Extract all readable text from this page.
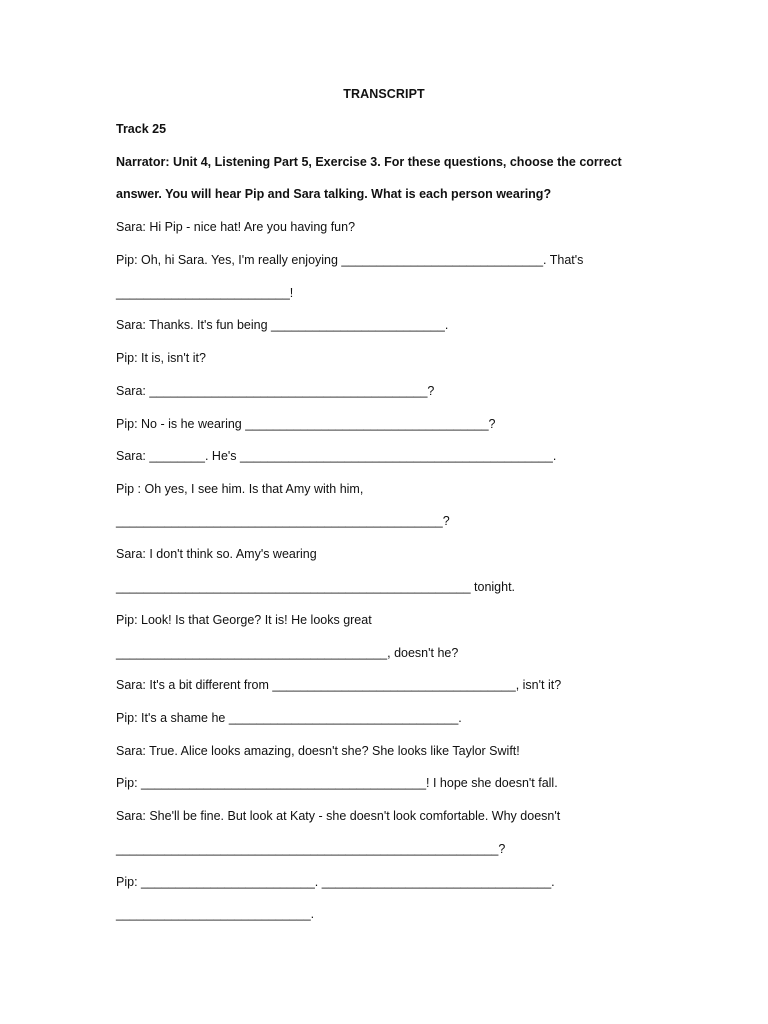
TRANSCRIPT
Track 25
Narrator: Unit 4, Listening Part 5, Exercise 3. For these questions, choose the correct
answer. You will hear Pip and Sara talking. What is each person wearing?
Sara: Hi Pip - nice hat! Are you having fun?
Pip: Oh, hi Sara. Yes, I'm really enjoying _____________________________. That's
_________________________!
Sara: Thanks. It's fun being _________________________.
Pip: It is, isn't it?
Sara: ________________________________________?
Pip: No - is he wearing ___________________________________?
Sara: ________. He's _____________________________________________.
Pip : Oh yes, I see him. Is that Amy with him,
_______________________________________________?
Sara: I don't think so. Amy's wearing
___________________________________________________ tonight.
Pip: Look! Is that George? It is! He looks great
_______________________________________, doesn't he?
Sara: It's a bit different from ___________________________________, isn't it?
Pip: It's a shame he _________________________________.
Sara: True. Alice looks amazing, doesn't she? She looks like Taylor Swift!
Pip: _________________________________________! I hope she doesn't fall.
Sara: She'll be fine. But look at Katy - she doesn't look comfortable. Why doesn't
_______________________________________________________?
Pip: _________________________. _________________________________.
____________________________.
